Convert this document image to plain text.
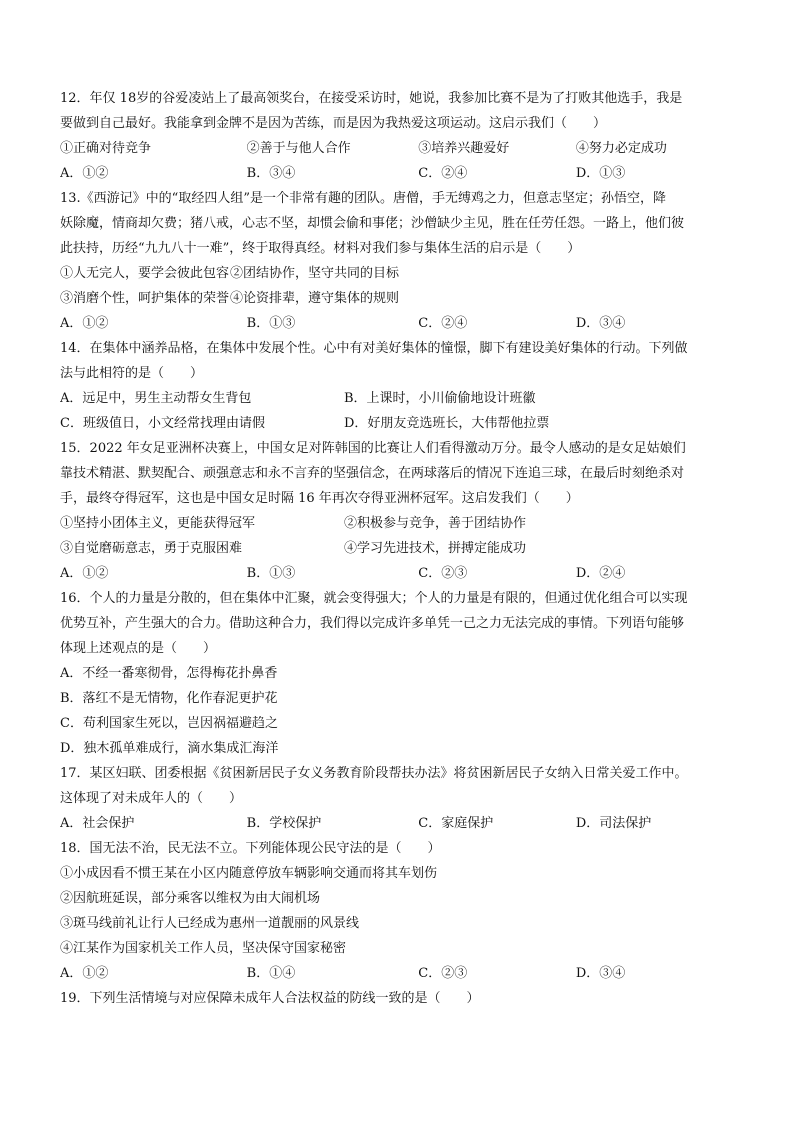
12．年仅 18岁的谷爱凌站上了最高领奖台，在接受采访时，她说，我参加比赛不是为了打败其他选手，我是
要做到自己最好。我能拿到金牌不是因为苦练，而是因为我热爱这项运动。这启示我们（　　）
①正确对待竞争	②善于与他人合作	③培养兴趣爱好	④努力必定成功
A．①②	B．③④	C．②④	D．①③
13.《西游记》中的“取经四人组”是一个非常有趣的团队。唐僧，手无缚鸡之力，但意志坚定；孙悟空，降
妖除魔，情商却欠费；猪八戒，心志不坚，却惯会偷和事佬；沙僧缺少主见，胜在任劳任怨。一路上，他们彼
此扶持，历经“九九八十一难”，终于取得真经。材料对我们参与集体生活的启示是（　　）
①人无完人，要学会彼此包容 ②团结协作，坚守共同的目标
③消磨个性，呵护集体的荣誉 ④论资排辈，遵守集体的规则
A．①②	B．①③	C．②④	D．③④
14．在集体中涵养品格，在集体中发展个性。心中有对美好集体的憧憬，脚下有建设美好集体的行动。下列做
法与此相符的是（　　）
A．远足中，男生主动帮女生背包	B．上课时，小川偷偷地设计班徽
C．班级值日，小文经常找理由请假	D．好朋友竞选班长，大伟帮他拉票
15．2022 年女足亚洲杯决赛上，中国女足对阵韩国的比赛让人们看得激动万分。最令人感动的是女足姑娘们
靠技术精湛、默契配合、顽强意志和永不言弃的坚强信念，在两球落后的情况下连追三球，在最后时刻绝杀对
手，最终夺得冠军，这也是中国女足时隔 16 年再次夺得亚洲杯冠军。这启发我们（　　）
①坚持小团体主义，更能获得冠军	②积极参与竞争，善于团结协作
③自觉磨砺意志，勇于克服困难	④学习先进技术，拼搏定能成功
A．①②	B．①③	C．②③	D．②④
16．个人的力量是分散的，但在集体中汇聚，就会变得强大；个人的力量是有限的，但通过优化组合可以实现
优势互补，产生强大的合力。借助这种合力，我们得以完成许多单凭一己之力无法完成的事情。下列语句能够
体现上述观点的是（　　）
A．不经一番寒彻骨，怎得梅花扑鼻香
B．落红不是无情物，化作春泥更护花
C．苟利国家生死以，岂因祸福避趋之
D．独木孤单难成行，滴水集成汇海洋
17．某区妇联、团委根据《贫困新居民子女义务教育阶段帮扶办法》将贫困新居民子女纳入日常关爱工作中。
这体现了对未成年人的（　　）
A．社会保护	B．学校保护	C．家庭保护	D．司法保护
18．国无法不治，民无法不立。下列能体现公民守法的是（　　）
①小成因看不惯王某在小区内随意停放车辆影响交通而将其车划伤
②因航班延误，部分乘客以维权为由大闹机场
③斑马线前礼让行人已经成为惠州一道靓丽的风景线
④江某作为国家机关工作人员，坚决保守国家秘密
A．①②	B．①④	C．②③	D．③④
19．下列生活情境与对应保障未成年人合法权益的防线一致的是（　　）
